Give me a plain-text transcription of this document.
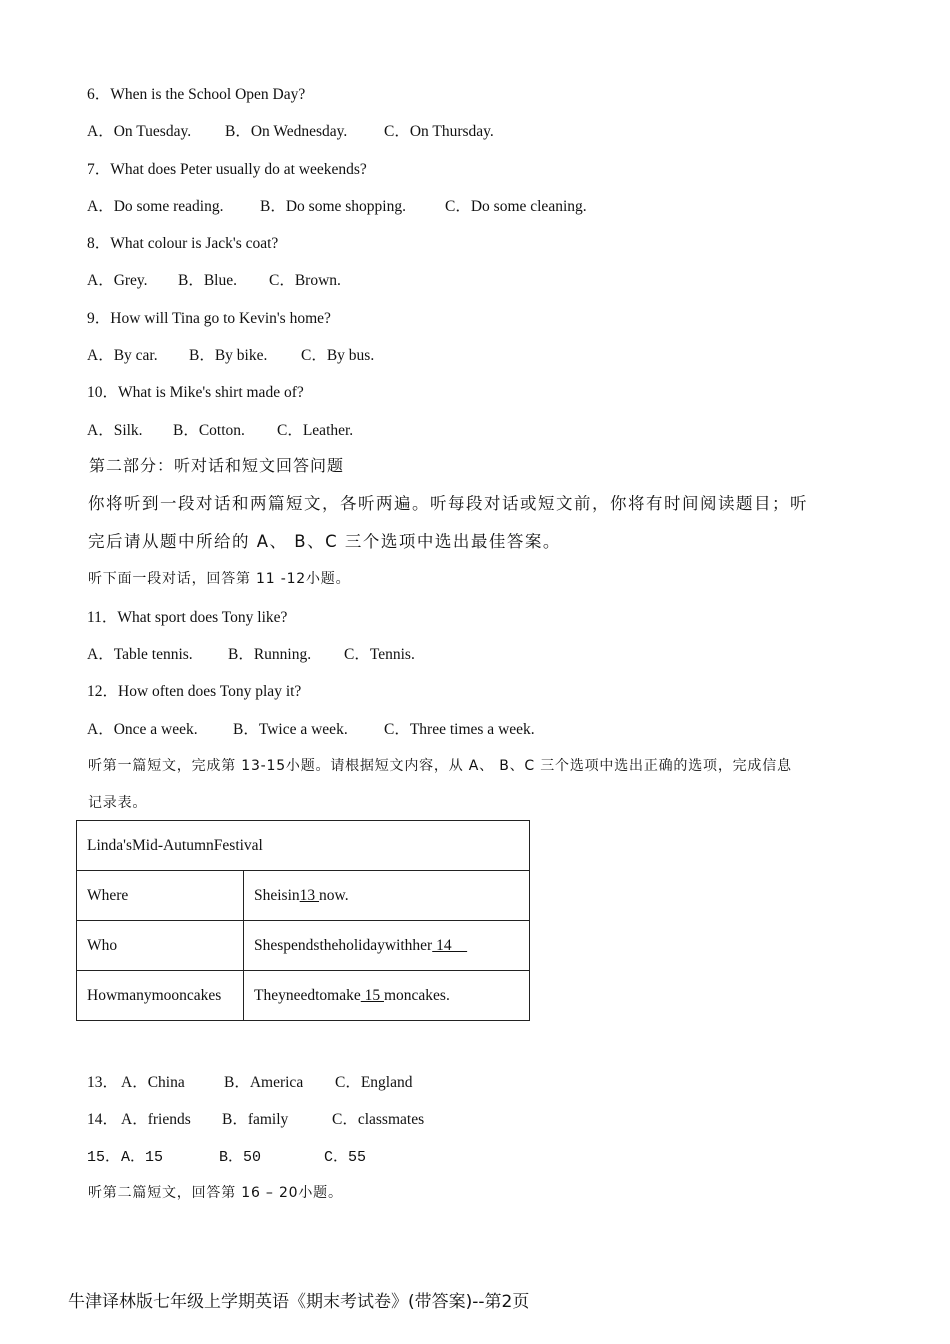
6．When is the School Open Day?
A．On Tuesday. B．On Wednesday. C．On Thursday.
7．What does Peter usually do at weekends?
A．Do some reading. B．Do some shopping.	C．Do some cleaning.
8．What colour is Jack's coat?
A．Grey. B．Blue. C．Brown.
9．How will Tina go to Kevin's home?
A．By car. B．By bike. C．By bus.
10．What is Mike's shirt made of?
A．Silk. B．Cotton. C．Leather.
第二部分：听对话和短文回答问题
你将听到一段对话和两篇短文，各听两遍。听每段对话或短文前，你将有时间阅读题目；听
完后请从题中所给的 A、 B、C 三个选项中选出最佳答案。
听下面一段对话，回答第 11 -12小题。
11．What sport does Tony like?
A．Table tennis. B．Running. C．Tennis.
12．How often does Tony play it?
A．Once a week. B．Twice a week. C．Three times a week.
听第一篇短文，完成第 13-15小题。请根据短文内容，从 A、 B、C 三个选项中选出正确的选项，完成信息
记录表。
Linda'sMid-AutumnFestival	
Where	Sheisin13 now.
Who	Shespendstheholidaywithher 14
Howmanymooncakes	Theyneedtomake 15 moncakes.
13． A．China	B．America C．England
14． A．friends B．family	C．classmates
15．A．15	B．50	C．55
听第二篇短文，回答第 16 – 20小题。
牛津译林版七年级上学期英语《期末考试卷》(带答案)--第2页
